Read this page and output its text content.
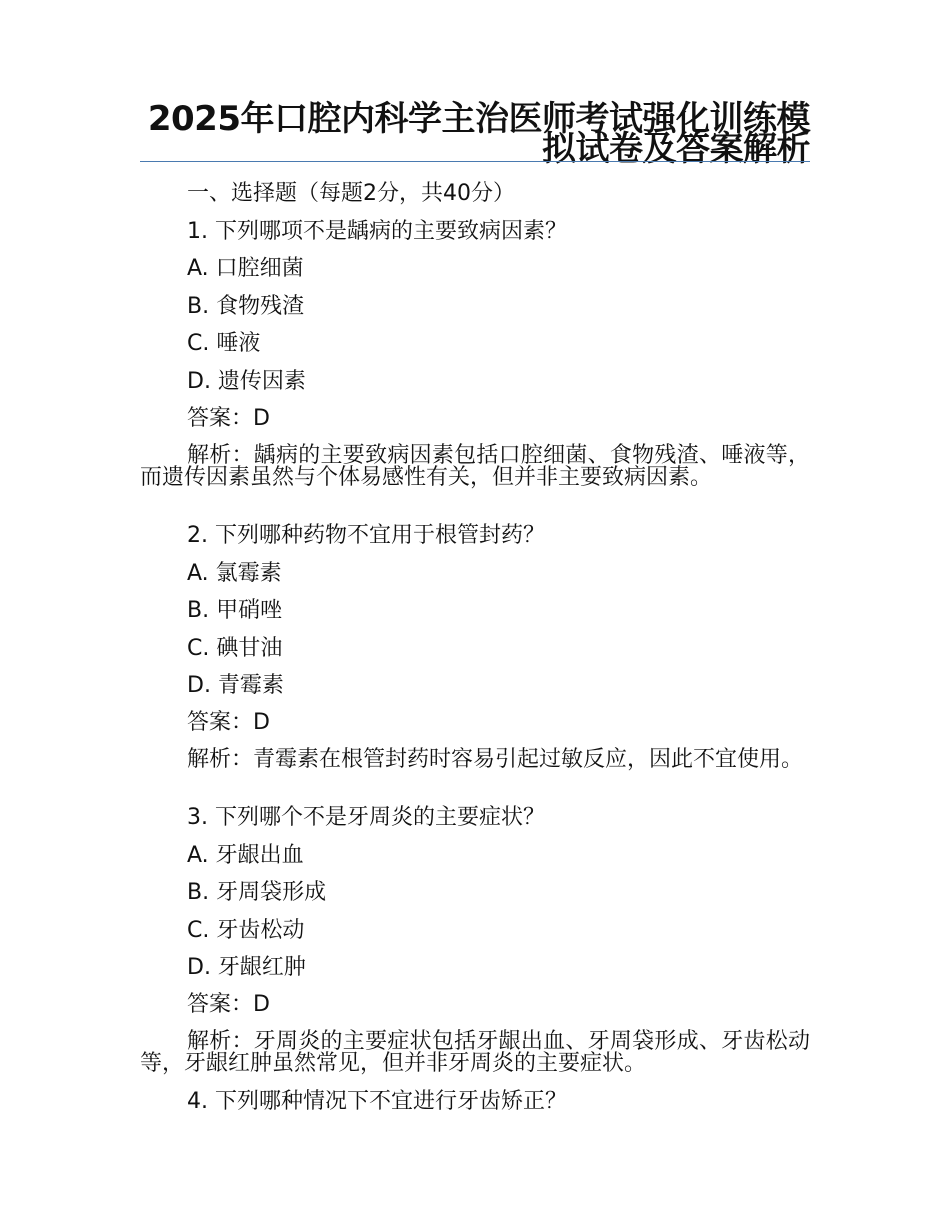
2025年口腔内科学主治医师考试强化训练模拟试卷及答案解析

一、选择题（每题2分，共40分）

1. 下列哪项不是龋病的主要致病因素？

A. 口腔细菌

B. 食物残渣

C. 唾液

D. 遗传因素

答案：D

解析：龋病的主要致病因素包括口腔细菌、食物残渣、唾液等，而遗传因素虽然与个体易感性有关，但并非主要致病因素。

2. 下列哪种药物不宜用于根管封药？

A. 氯霉素

B. 甲硝唑

C. 碘甘油

D. 青霉素

答案：D

解析：青霉素在根管封药时容易引起过敏反应，因此不宜使用。

3. 下列哪个不是牙周炎的主要症状？

A. 牙龈出血

B. 牙周袋形成

C. 牙齿松动

D. 牙龈红肿

答案：D

解析：牙周炎的主要症状包括牙龈出血、牙周袋形成、牙齿松动等，牙龈红肿虽然常见，但并非牙周炎的主要症状。

4. 下列哪种情况下不宜进行牙齿矫正？
